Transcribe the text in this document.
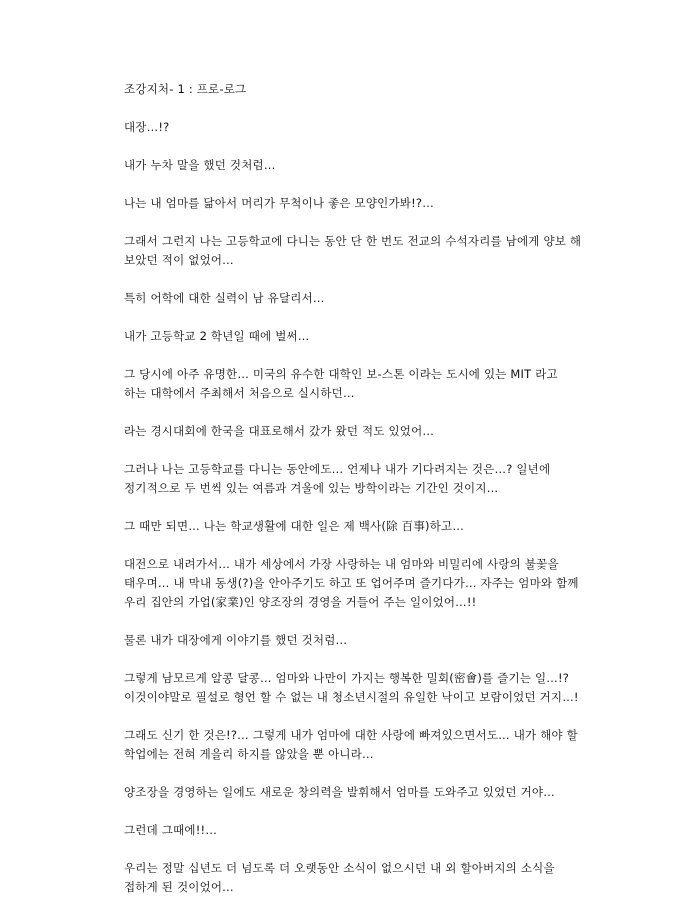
조강지처- 1 : 프로-로그

대장…!?

내가 누차 말을 했던 것처럼…

나는 내 엄마를 닮아서 머리가 무척이나 좋은 모양인가봐!?…

그래서 그런지 나는 고등학교에 다니는 동안 단 한 번도 전교의 수석자리를 남에게 양보 해 보았던 적이 없었어…

특히 어학에 대한 실력이 남 유달리서…

내가 고등학교 2 학년일 때에 벌써…

그 당시에 아주 유명한… 미국의 유수한 대학인 보-스톤 이라는 도시에 있는 MIT 라고 하는 대학에서 주최해서 처음으로 실시하던…

라는 경시대회에 한국을 대표로해서 갔가 왔던 적도 있었어…

그러나 나는 고등학교를 다니는 동안에도… 언제나 내가 기다려지는 것은…? 일년에 정기적으로 두 번씩 있는 여름과 겨울에 있는 방학이라는 기간인 것이지…

그 때만 되면… 나는 학교생활에 대한 일은 제 백사(除 百事)하고…

대전으로 내려가서… 내가 세상에서 가장 사랑하는 내 엄마와 비밀리에 사랑의 불꽃을 태우며… 내 막내 동생(?)을 안아주기도 하고 또 업어주며 즐기다가… 자주는 엄마와 함께 우리 집안의 가업(家業)인 양조장의 경영을 거들어 주는 일이었어…!!

물론 내가 대장에게 이야기를 했던 것처럼…

그렇게 남모르게 알콩 달콩… 엄마와 나만이 가지는 행복한 밀회(密會)를 즐기는 일…!? 이것이야말로 필설로 형언 할 수 없는 내 청소년시절의 유일한 낙이고 보람이었던 거지…!

그래도 신기 한 것은!?… 그렇게 내가 엄마에 대한 사랑에 빠져있으면서도… 내가 해야 할 학업에는 전혀 게을리 하지를 않았을 뿐 아니라…

양조장을 경영하는 일에도 새로운 창의력을 발휘해서 엄마를 도와주고 있었던 거야…

그런데 그때에!!…

우리는 정말 십년도 더 넘도록 더 오랫동안 소식이 없으시던 내 외 할아버지의 소식을 접하게 된 것이었어…
